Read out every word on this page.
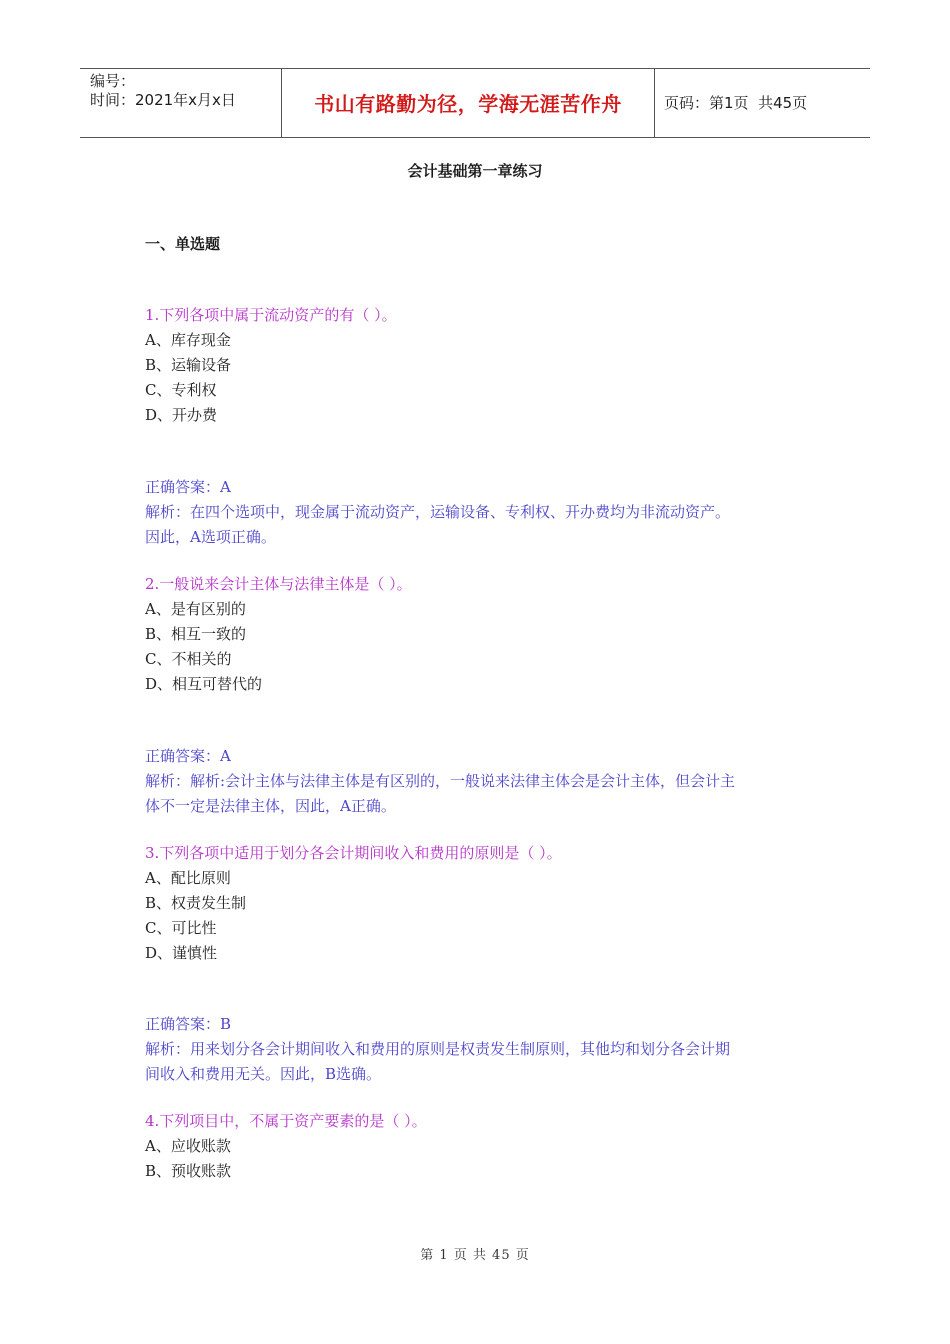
编号：
时间：2021年x月x日	书山有路勤为径，学海无涯苦作舟	页码：第1页  共45页
会计基础第一章练习
一、单选题
1.下列各项中属于流动资产的有（ ）。
A、库存现金
B、运输设备
C、专利权
D、开办费
正确答案：A
解析：在四个选项中，现金属于流动资产，运输设备、专利权、开办费均为非流动资产。
因此，A选项正确。
2.一般说来会计主体与法律主体是（ ）。
A、是有区别的
B、相互一致的
C、不相关的
D、相互可替代的
正确答案：A
解析：解析:会计主体与法律主体是有区别的，一般说来法律主体会是会计主体，但会计主
体不一定是法律主体，因此，A正确。
3.下列各项中适用于划分各会计期间收入和费用的原则是（ ）。
A、配比原则
B、权责发生制
C、可比性
D、谨慎性
正确答案：B
解析：用来划分各会计期间收入和费用的原则是权责发生制原则，其他均和划分各会计期
间收入和费用无关。因此，B选确。
4.下列项目中，不属于资产要素的是（ ）。
A、应收账款
B、预收账款
第 1 页 共 45 页
